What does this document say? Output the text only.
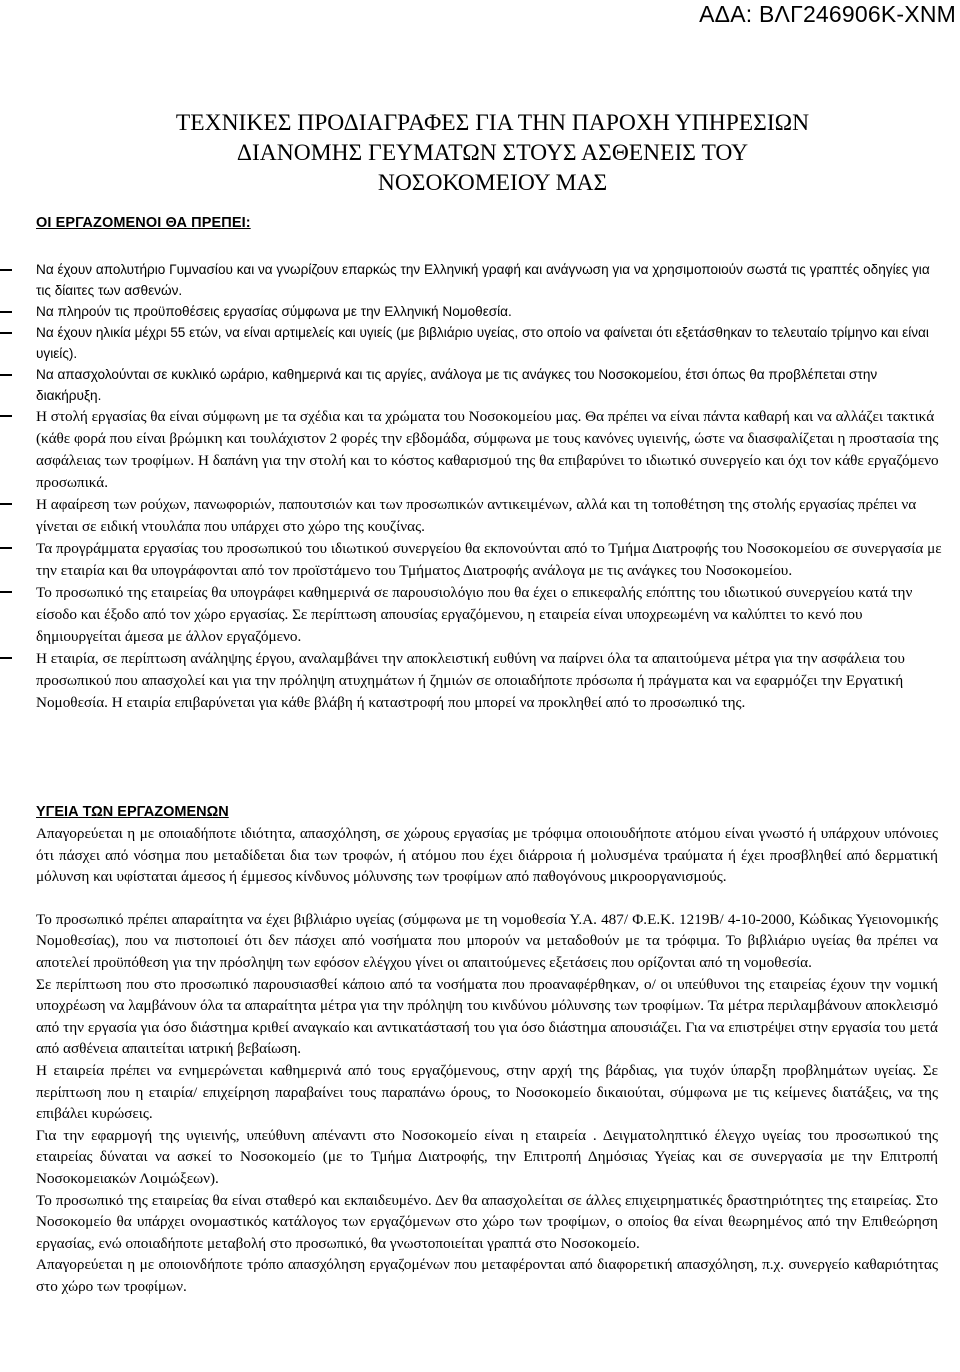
ΑΔΑ: ΒΛΓ246906Κ-ΧΝΜ
ΤΕΧΝΙΚΕΣ ΠΡΟΔΙΑΓΡΑΦΕΣ ΓΙΑ ΤΗΝ ΠΑΡΟΧΗ ΥΠΗΡΕΣΙΩΝ
ΔΙΑΝΟΜΗΣ ΓΕΥΜΑΤΩΝ ΣΤΟΥΣ ΑΣΘΕΝΕΙΣ ΤΟΥ
ΝΟΣΟΚΟΜΕΙΟΥ ΜΑΣ
ΟΙ ΕΡΓΑΖΟΜΕΝΟΙ ΘΑ ΠΡΕΠΕΙ:
Να έχουν απολυτήριο Γυμνασίου και να γνωρίζουν επαρκώς την Ελληνική γραφή και ανάγνωση για να χρησιμοποιούν σωστά τις γραπτές οδηγίες για τις δίαιτες των ασθενών.
Να πληρούν τις προϋποθέσεις εργασίας σύμφωνα με την Ελληνική Νομοθεσία.
Να έχουν ηλικία μέχρι 55 ετών, να είναι αρτιμελείς και υγιείς (με βιβλιάριο υγείας, στο οποίο να φαίνεται ότι εξετάσθηκαν το τελευταίο τρίμηνο και είναι υγιείς).
Να απασχολούνται σε κυκλικό ωράριο, καθημερινά και τις αργίες, ανάλογα με τις ανάγκες του Νοσοκομείου, έτσι όπως θα προβλέπεται στην διακήρυξη.
Η στολή εργασίας θα είναι σύμφωνη με τα σχέδια και τα χρώματα του Νοσοκομείου μας. Θα πρέπει να είναι πάντα καθαρή και να αλλάζει τακτικά (κάθε φορά που είναι βρώμικη και τουλάχιστον 2 φορές την εβδομάδα, σύμφωνα με τους κανόνες υγιεινής, ώστε να διασφαλίζεται η προστασία της ασφάλειας των τροφίμων. Η δαπάνη για την στολή και το κόστος καθαρισμού της θα επιβαρύνει το ιδιωτικό συνεργείο και όχι τον κάθε εργαζόμενο προσωπικά.
Η αφαίρεση των ρούχων, πανωφοριών, παπουτσιών και των προσωπικών αντικειμένων, αλλά και τη τοποθέτηση της στολής εργασίας πρέπει να γίνεται σε ειδική ντουλάπα που υπάρχει στο χώρο της κουζίνας.
Τα προγράμματα εργασίας του προσωπικού του ιδιωτικού συνεργείου θα εκπονούνται από το Τμήμα Διατροφής του Νοσοκομείου σε συνεργασία με την εταιρία και θα υπογράφονται από τον προϊστάμενο του Τμήματος Διατροφής ανάλογα με τις ανάγκες του Νοσοκομείου.
Το προσωπικό της εταιρείας θα υπογράφει καθημερινά σε παρουσιολόγιο που θα έχει ο επικεφαλής επόπτης του ιδιωτικού συνεργείου κατά την είσοδο και έξοδο από τον χώρο εργασίας. Σε περίπτωση απουσίας εργαζόμενου, η εταιρεία είναι υποχρεωμένη να καλύπτει το κενό που δημιουργείται άμεσα με άλλον εργαζόμενο.
Η εταιρία, σε περίπτωση ανάληψης έργου, αναλαμβάνει την αποκλειστική ευθύνη να παίρνει όλα τα απαιτούμενα μέτρα για την ασφάλεια του προσωπικού που απασχολεί και για την πρόληψη ατυχημάτων ή ζημιών σε οποιαδήποτε πρόσωπα ή πράγματα και να εφαρμόζει την Εργατική Νομοθεσία. Η εταιρία επιβαρύνεται για κάθε βλάβη ή καταστροφή που μπορεί να προκληθεί από το προσωπικό της.
ΥΓΕΙΑ ΤΩΝ ΕΡΓΑΖΟΜΕΝΩΝ
Απαγορεύεται η με οποιαδήποτε ιδιότητα, απασχόληση, σε χώρους εργασίας με τρόφιμα οποιουδήποτε ατόμου είναι γνωστό ή υπάρχουν υπόνοιες ότι πάσχει από νόσημα που μεταδίδεται δια των τροφών, ή ατόμου που έχει διάρροια ή μολυσμένα τραύματα ή έχει προσβληθεί από δερματική μόλυνση και υφίσταται άμεσος ή έμμεσος κίνδυνος μόλυνσης των τροφίμων από παθογόνους μικροοργανισμούς.
Το προσωπικό πρέπει απαραίτητα να έχει βιβλιάριο υγείας (σύμφωνα με τη νομοθεσία Υ.Α. 487/ Φ.Ε.Κ. 1219Β/ 4-10-2000, Κώδικας Υγειονομικής Νομοθεσίας), που να πιστοποιεί ότι δεν πάσχει από νοσήματα που μπορούν να μεταδοθούν με τα τρόφιμα. Το βιβλιάριο υγείας θα πρέπει να αποτελεί προϋπόθεση για την πρόσληψη των εφόσον ελέγχου γίνει οι απαιτούμενες εξετάσεις που ορίζονται από τη νομοθεσία.
Σε περίπτωση που στο προσωπικό παρουσιασθεί κάποιο από τα νοσήματα που προαναφέρθηκαν, ο/ οι υπεύθυνοι της εταιρείας έχουν την νομική υποχρέωση να λαμβάνουν όλα τα απαραίτητα μέτρα για την πρόληψη του κινδύνου μόλυνσης των τροφίμων. Τα μέτρα περιλαμβάνουν αποκλεισμό από την εργασία για όσο διάστημα κριθεί αναγκαίο και αντικατάστασή του για όσο διάστημα απουσιάζει. Για να επιστρέψει στην εργασία του μετά από ασθένεια απαιτείται ιατρική βεβαίωση.
Η εταιρεία πρέπει να ενημερώνεται καθημερινά από τους εργαζόμενους, στην αρχή της βάρδιας, για τυχόν ύπαρξη προβλημάτων υγείας. Σε περίπτωση που η εταιρία/ επιχείρηση παραβαίνει τους παραπάνω όρους, το Νοσοκομείο δικαιούται, σύμφωνα με τις κείμενες διατάξεις, να της επιβάλει κυρώσεις.
Για την εφαρμογή της υγιεινής, υπεύθυνη απέναντι στο Νοσοκομείο είναι η εταιρεία . Δειγματοληπτικό έλεγχο υγείας του προσωπικού της εταιρείας δύναται να ασκεί το Νοσοκομείο (με το Τμήμα Διατροφής, την Επιτροπή Δημόσιας Υγείας και σε συνεργασία με την Επιτροπή Νοσοκομειακών Λοιμώξεων).
Το προσωπικό της εταιρείας θα είναι σταθερό και εκπαιδευμένο. Δεν θα απασχολείται σε άλλες επιχειρηματικές δραστηριότητες της εταιρείας. Στο Νοσοκομείο θα υπάρχει ονομαστικός κατάλογος των εργαζόμενων στο χώρο των τροφίμων, ο οποίος θα είναι θεωρημένος από την Επιθεώρηση εργασίας, ενώ οποιαδήποτε μεταβολή στο προσωπικό, θα γνωστοποιείται γραπτά στο Νοσοκομείο.
Απαγορεύεται η με οποιονδήποτε τρόπο απασχόληση εργαζομένων που μεταφέρονται από διαφορετική απασχόληση, π.χ. συνεργείο καθαριότητας στο χώρο των τροφίμων.
